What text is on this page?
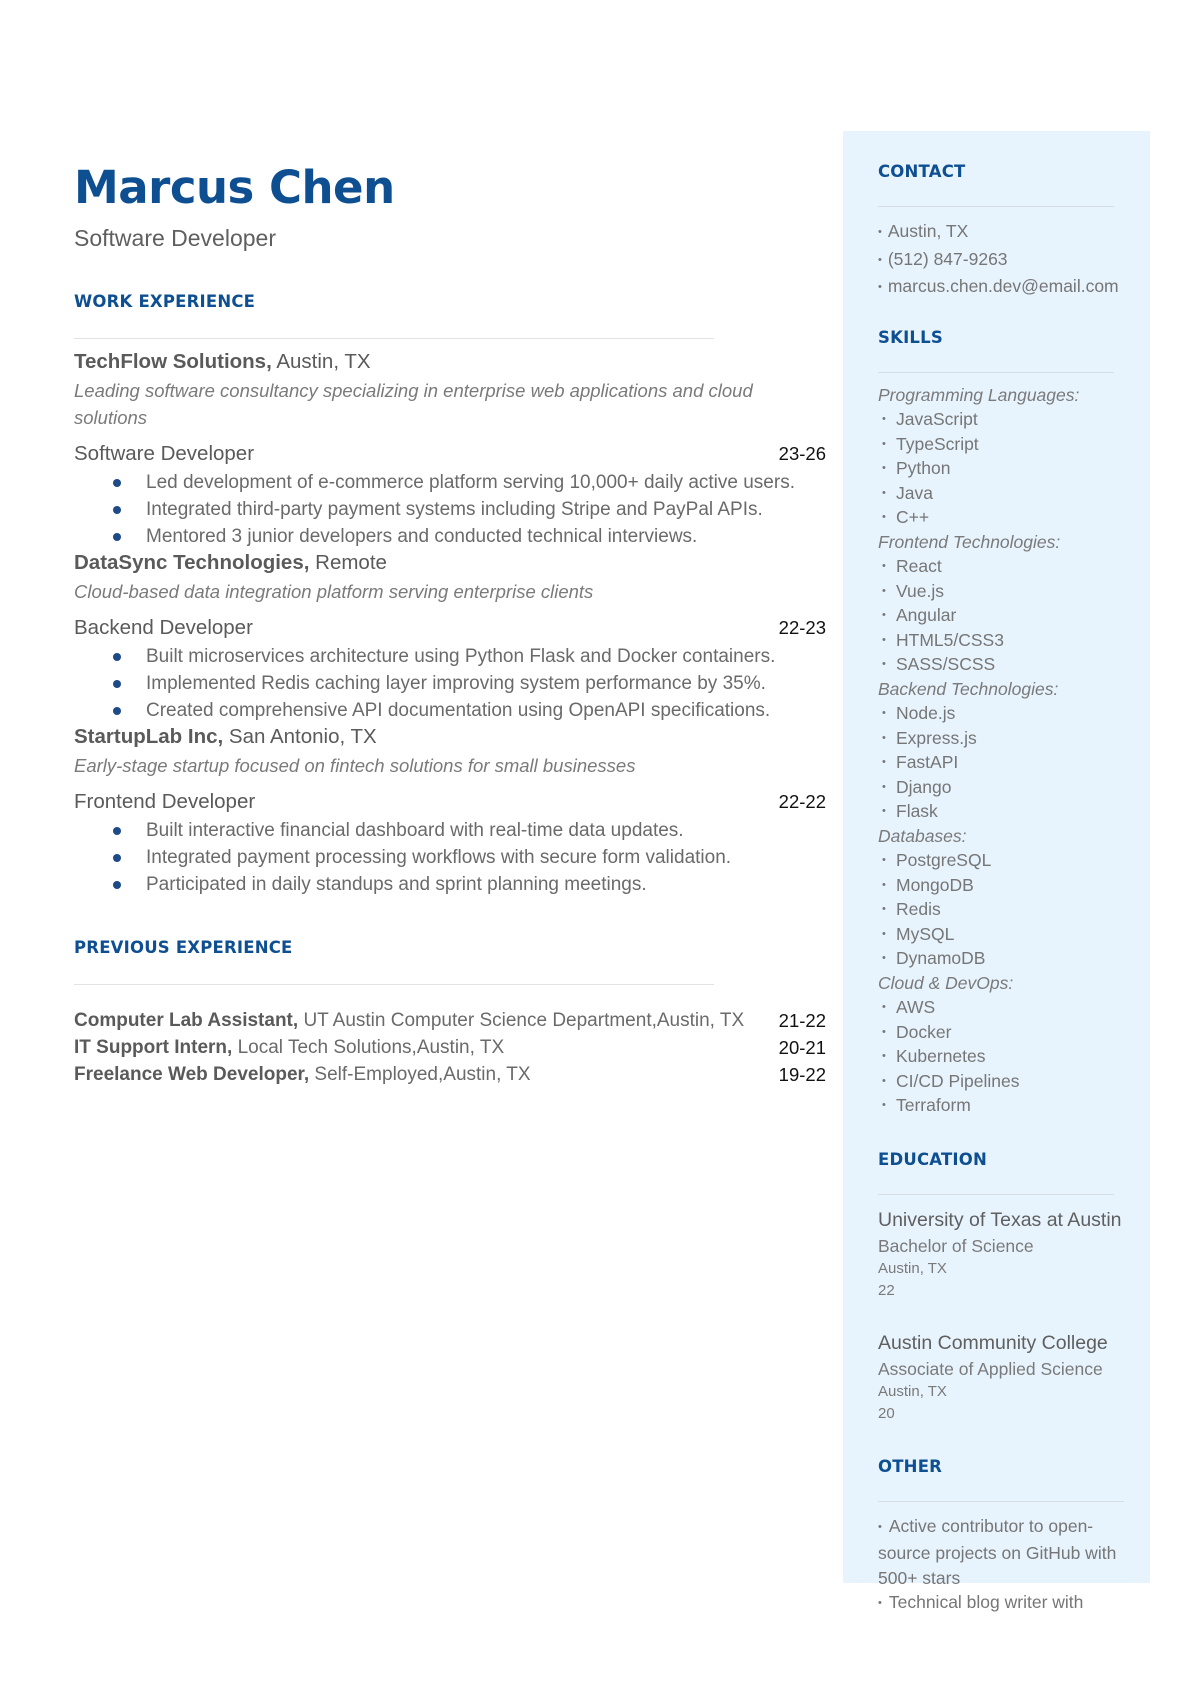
Marcus Chen
Software Developer
WORK EXPERIENCE
TechFlow Solutions, Austin, TX
Leading software consultancy specializing in enterprise web applications and cloud solutions
Software Developer	23-26
Led development of e-commerce platform serving 10,000+ daily active users.
Integrated third-party payment systems including Stripe and PayPal APIs.
Mentored 3 junior developers and conducted technical interviews.
DataSync Technologies, Remote
Cloud-based data integration platform serving enterprise clients
Backend Developer	22-23
Built microservices architecture using Python Flask and Docker containers.
Implemented Redis caching layer improving system performance by 35%.
Created comprehensive API documentation using OpenAPI specifications.
StartupLab Inc, San Antonio, TX
Early-stage startup focused on fintech solutions for small businesses
Frontend Developer	22-22
Built interactive financial dashboard with real-time data updates.
Integrated payment processing workflows with secure form validation.
Participated in daily standups and sprint planning meetings.
PREVIOUS EXPERIENCE
Computer Lab Assistant, UT Austin Computer Science Department,Austin, TX 21-22
IT Support Intern, Local Tech Solutions,Austin, TX	20-21
Freelance Web Developer, Self-Employed,Austin, TX	19-22
CONTACT
• Austin, TX
• (512) 847-9263
• marcus.chen.dev@email.com
SKILLS
Programming Languages:
• JavaScript
• TypeScript
• Python
• Java
• C++
Frontend Technologies:
• React
• Vue.js
• Angular
• HTML5/CSS3
• SASS/SCSS
Backend Technologies:
• Node.js
• Express.js
• FastAPI
• Django
• Flask
Databases:
• PostgreSQL
• MongoDB
• Redis
• MySQL
• DynamoDB
Cloud & DevOps:
• AWS
• Docker
• Kubernetes
• CI/CD Pipelines
• Terraform
EDUCATION
University of Texas at Austin
Bachelor of Science
Austin, TX
22
Austin Community College
Associate of Applied Science
Austin, TX
20
OTHER
• Active contributor to open-source projects on GitHub with 500+ stars
• Technical blog writer with
